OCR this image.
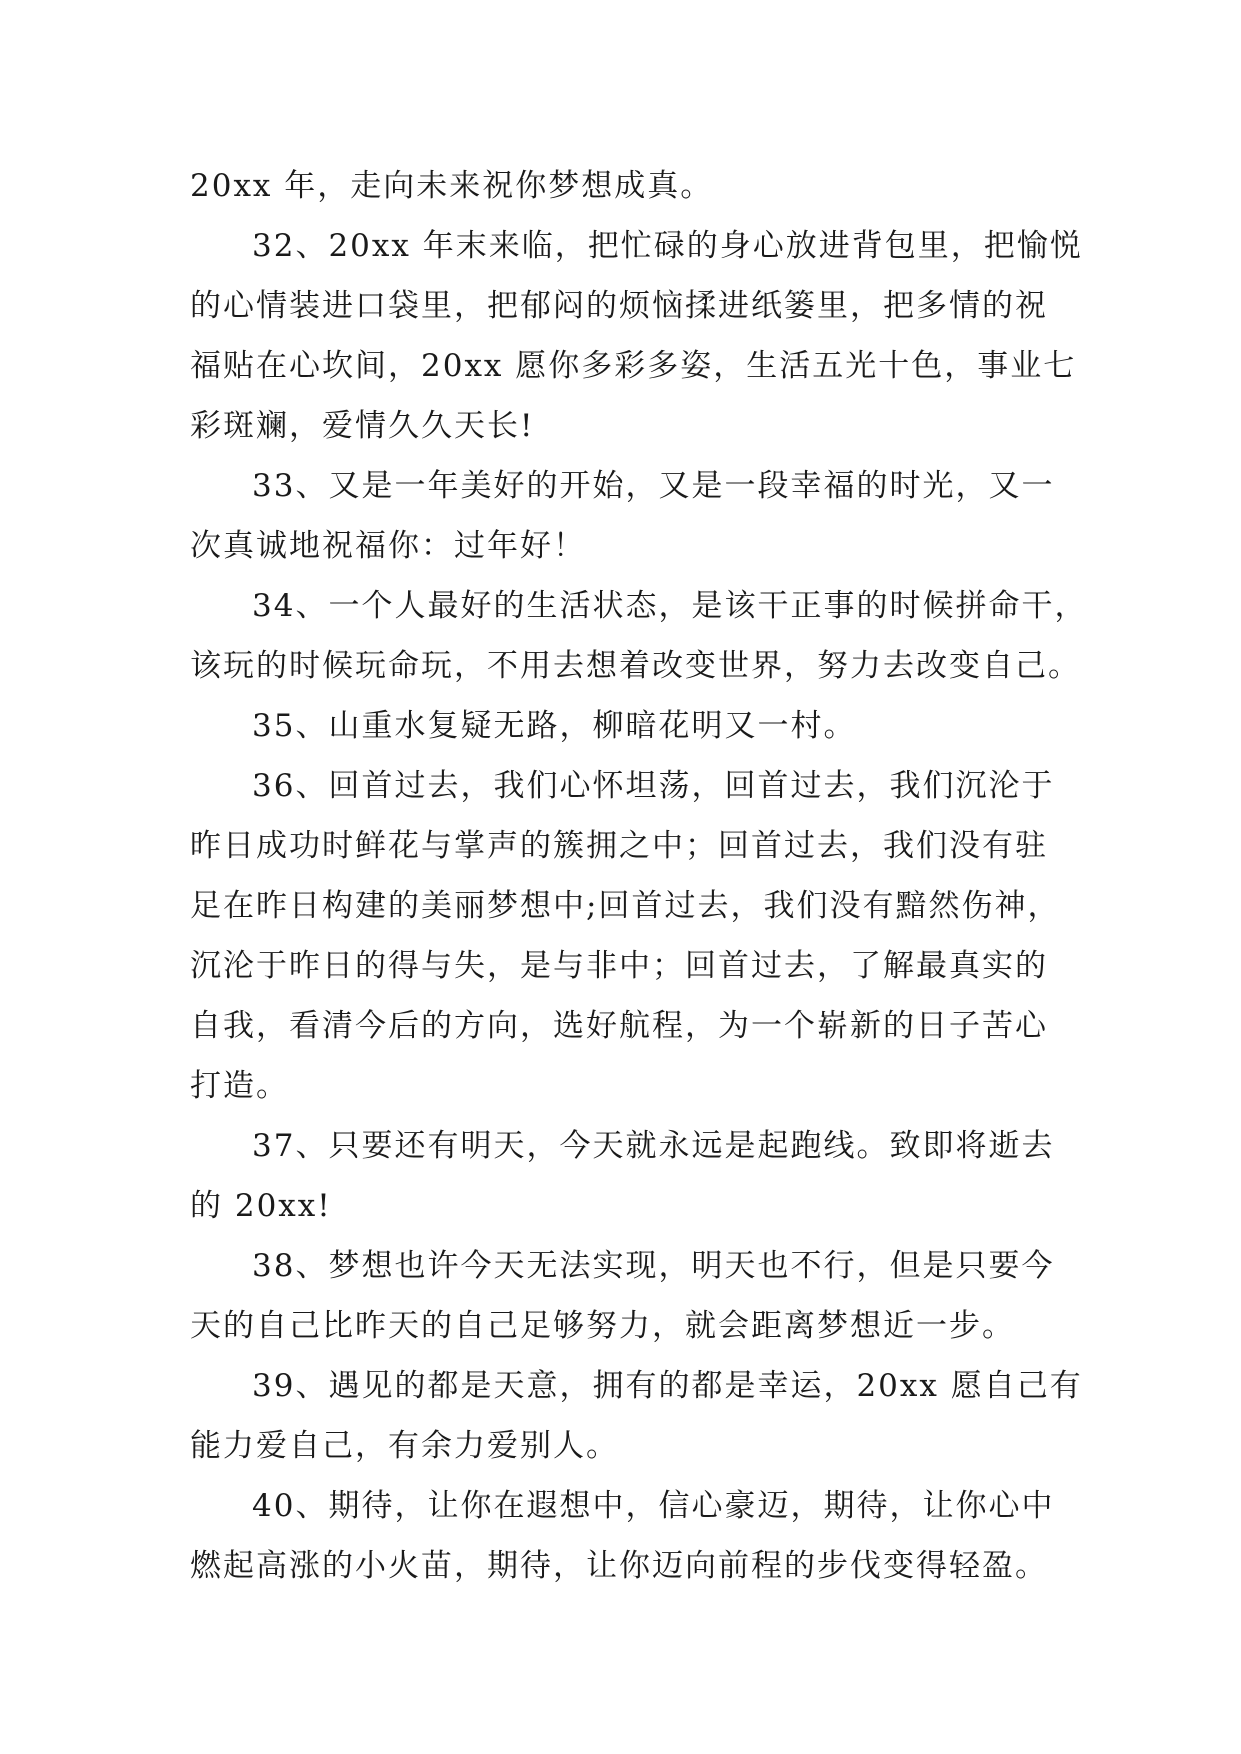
20xx 年，走向未来祝你梦想成真。
32、20xx 年末来临，把忙碌的身心放进背包里，把愉悦
的心情装进口袋里，把郁闷的烦恼揉进纸篓里，把多情的祝
福贴在心坎间，20xx 愿你多彩多姿，生活五光十色，事业七
彩斑斓，爱情久久天长!
33、又是一年美好的开始，又是一段幸福的时光，又一
次真诚地祝福你：过年好！
34、一个人最好的生活状态，是该干正事的时候拼命干，
该玩的时候玩命玩，不用去想着改变世界，努力去改变自己。
35、山重水复疑无路，柳暗花明又一村。
36、回首过去，我们心怀坦荡，回首过去，我们沉沦于
昨日成功时鲜花与掌声的簇拥之中；回首过去，我们没有驻
足在昨日构建的美丽梦想中;回首过去，我们没有黯然伤神，
沉沦于昨日的得与失，是与非中；回首过去，了解最真实的
自我，看清今后的方向，选好航程，为一个崭新的日子苦心
打造。
37、只要还有明天，今天就永远是起跑线。致即将逝去
的 20xx!
38、梦想也许今天无法实现，明天也不行，但是只要今
天的自己比昨天的自己足够努力，就会距离梦想近一步。
39、遇见的都是天意，拥有的都是幸运，20xx 愿自己有
能力爱自己，有余力爱别人。
40、期待，让你在遐想中，信心豪迈，期待，让你心中
燃起高涨的小火苗，期待，让你迈向前程的步伐变得轻盈。
